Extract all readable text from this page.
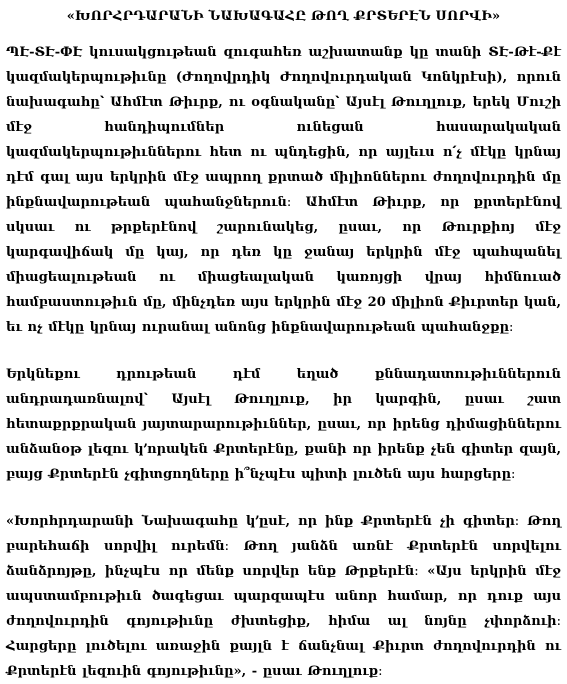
«ԽՈՐՀՐԴԱՐԱՆԻ ՆԱԽԱԳԱՀԸ ԹՈՂ ՔՐՏԵՐԷՆ ՍՈՐՎԻ»
ՊԷ-ՏԷ-ՓԷ կուսակցութեան զուգահեռ աշխատանք կը տանի ՏԷ-Թէ-Քէ կազմակերպութիւնը (Ժողովրդիկ Ժողովուրդական Կոնկրէսի), որուն նախագահը՝ Ահմէտ Թիւրք, ու օգնականը՝ Այսէլ Թուղլուք, երեկ Մուշի մէջ հանդիպումներ ունեցան հասարակական կազմակերպութիւններու հետ ու պնդեցին, որ այլեւս ո՛չ մէկը կրնայ դէմ գալ այս երկրին մէջ ապրող քրտած միլիոններու ժողովուրդին մը ինքնավարութեան պահանջներուն։ Ահմէտ Թիւրք, որ քրտերէնով սկսաւ ու թրքերէնով շարունակեց, ըսաւ, որ Թուրքիոյ մէջ կարգավիճակ մը կայ, որ դեռ կը ջանայ երկրին մէջ պահպանել միացեալութեան ու միացեալական կառոյցի վրայ հիմնուած համբաստութիւն մը, մինչդեռ այս երկրին մէջ 20 միլիոն Քիւրտեր կան, եւ ոչ մէկը կրնայ ուրանալ անոնց ինքնավարութեան պահանջքը։
Երկնեքու դրութեան դէմ եղած քննադատութիւններուն անդրադառնալով՝ Այսէլ Թուղլուք, իր կարգին, ըսաւ շատ հետաքրքրական յայտարարութիւններ, ըսաւ, որ իրենց դիմացիններու անձանօթ լեզու կ՚որակեն Քրտերէնը, քանի որ իրենք չեն գիտեր զայն, բայց Քրտերէն չգիտցողները ի՞նչպէս պիտի լուծեն այս հարցերը։
«Խորհրդարանի Նախագահը կ՚ըսէ, որ ինք Քրտերէն չի գիտեր։ Թող բարեհաճի սորվիլ ուրեմն։ Թող յանձն առնէ Քրտերէն սորվելու ձանձրոյթը, ինչպէս որ մենք սորվեր ենք Թրքերէն։ «Այս երկրին մէջ ապստամբութիւն ծագեցաւ պարզապէս անոր համար, որ դուք այս ժողովուրդին գոյութիւնը ժխտեցիք, հիմա ալ նոյնը չփորձուի։ Հարցերը լուծելու առաջին քայլն է ճանչնալ Քիւրտ ժողովուրդին ու Քրտերէն լեզուին գոյութիւնը», - ըսաւ Թուղլուք։
